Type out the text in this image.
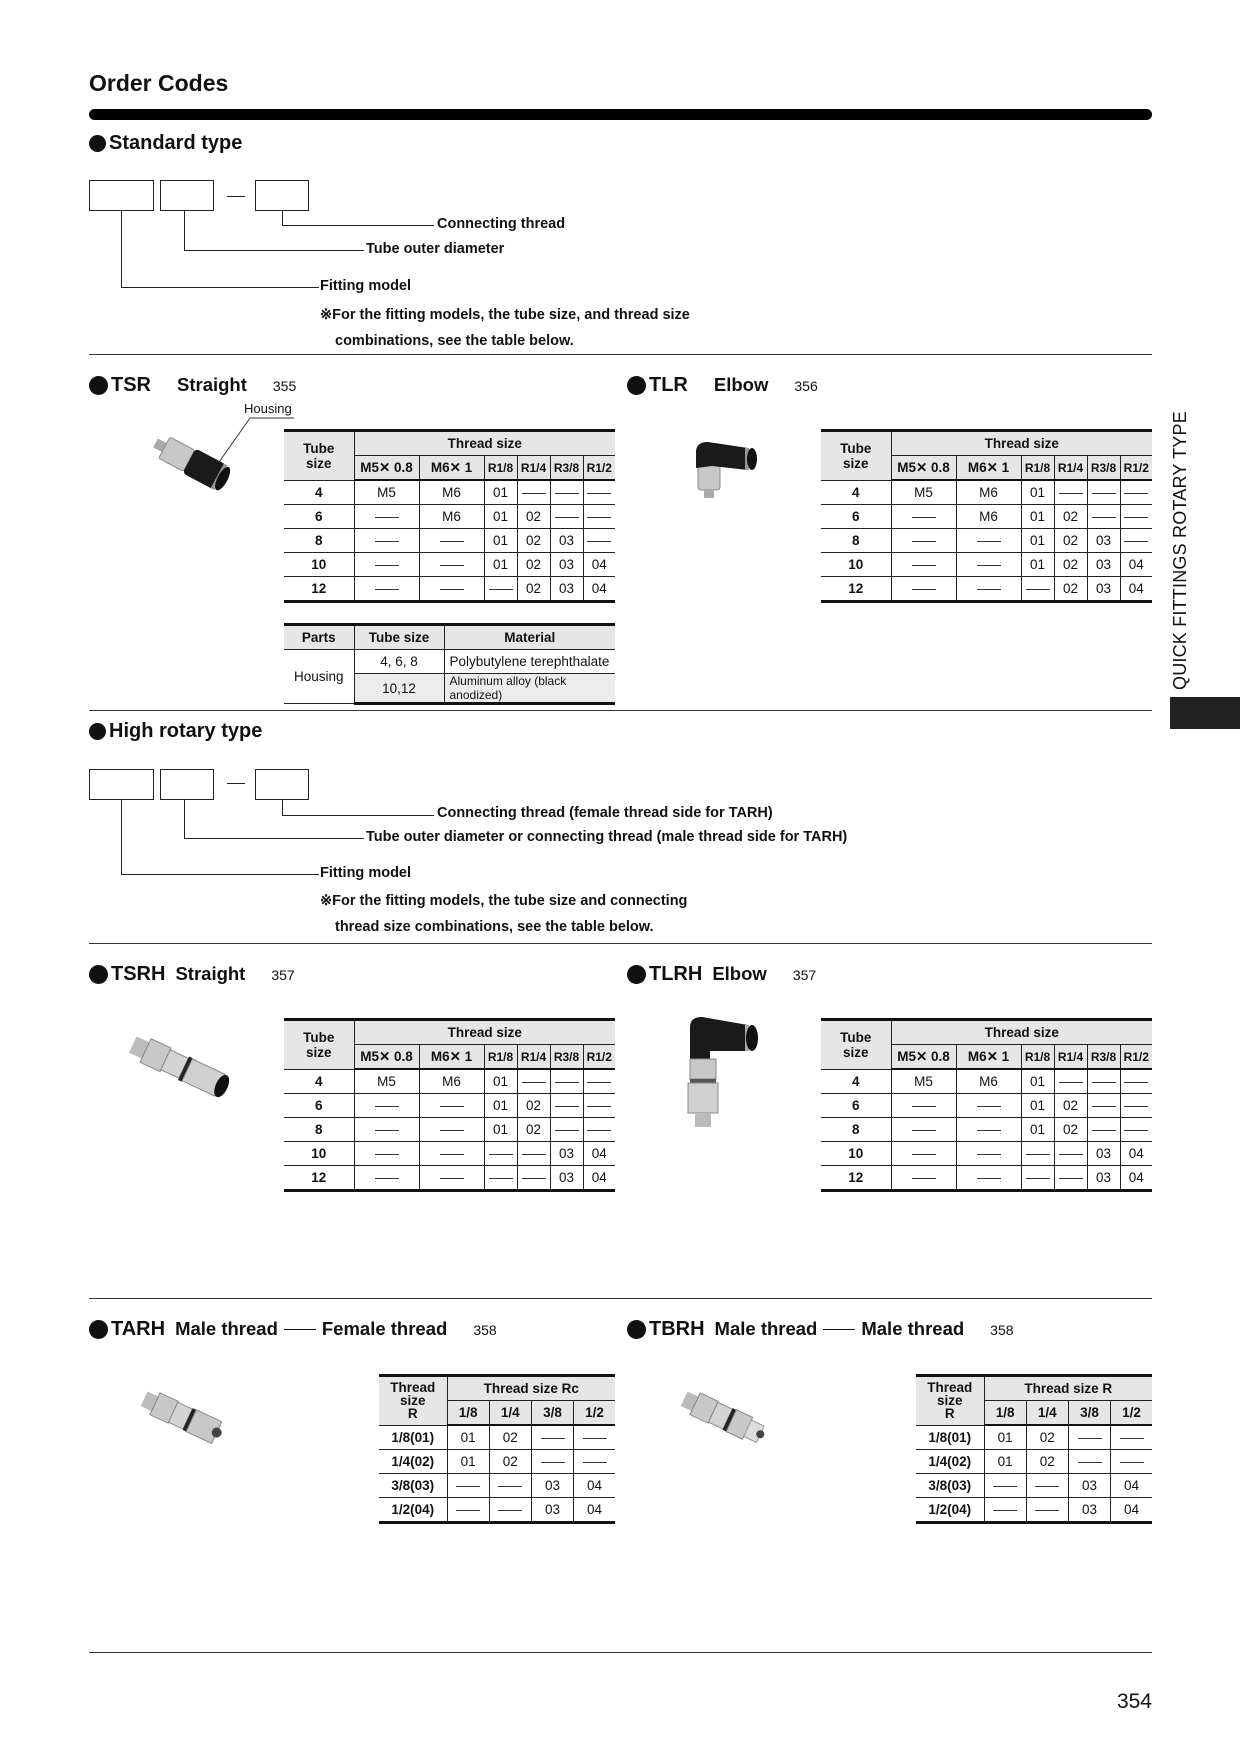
Order Codes
QUICK FITTINGS ROTARY TYPE
Standard type
Connecting thread
Tube outer diameter
Fitting model
※For the fitting models, the tube size, and thread size
combinations, see the table below.
TSR Straight 355
Housing
Tube
size	Thread size					
	M5✕ 0.8	M6✕ 1	R1/8	R1/4	R3/8	R1/2
4	M5	M6	01			
6		M6	01	02		
8			01	02	03	
10			01	02	03	04
12				02	03	04
Parts	Tube size	Material
Housing	4, 6, 8	Polybutylene terephthalate
	10,12	Aluminum alloy (black anodized)
TLR Elbow 356
Tube
size	Thread size					
	M5✕ 0.8	M6✕ 1	R1/8	R1/4	R3/8	R1/2
4	M5	M6	01			
6		M6	01	02		
8			01	02	03	
10			01	02	03	04
12				02	03	04
High rotary type
Connecting thread (female thread side for TARH)
Tube outer diameter or connecting thread (male thread side for TARH)
Fitting model
※For the fitting models, the tube size and connecting
thread size combinations, see the table below.
TSRH Straight 357
Tube
size	Thread size					
	M5✕ 0.8	M6✕ 1	R1/8	R1/4	R3/8	R1/2
4	M5	M6	01			
6			01	02		
8			01	02		
10					03	04
12					03	04
TLRH Elbow 357
Tube
size	Thread size					
	M5✕ 0.8	M6✕ 1	R1/8	R1/4	R3/8	R1/2
4	M5	M6	01			
6			01	02		
8			01	02		
10					03	04
12					03	04
TARH Male thread Female thread 358
Thread
size
R	Thread size Rc			
	1/8	1/4	3/8	1/2
1/8(01)	01	02		
1/4(02)	01	02		
3/8(03)			03	04
1/2(04)			03	04
TBRH Male thread Male thread 358
Thread
size
R	Thread size R			
	1/8	1/4	3/8	1/2
1/8(01)	01	02		
1/4(02)	01	02		
3/8(03)			03	04
1/2(04)			03	04
354
